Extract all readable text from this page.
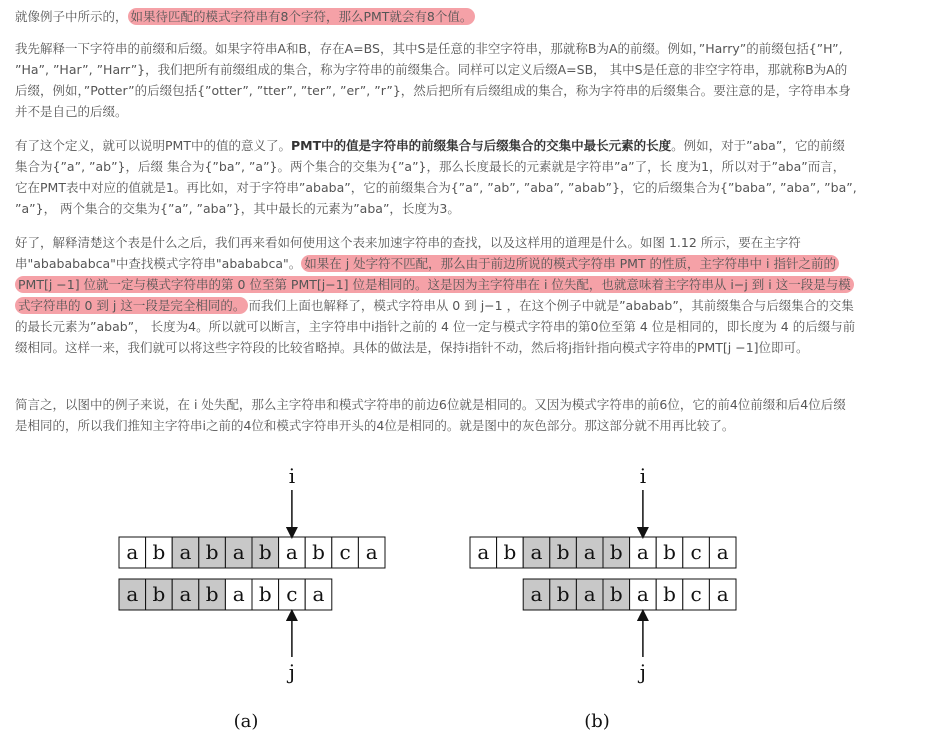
就像例子中所示的， 如果待匹配的模式字符串有8个字符，那么PMT就会有8个值。

我先解释一下字符串的前缀和后缀。如果字符串A和B，存在A=BS，其中S是任意的非空字符串，那就称B为A的前缀。例如，”Harry”的前缀包括{”H”, ”Ha”, ”Har”, ”Harr”}，我们把所有前缀组成的集合，称为字符串的前缀集合。同样可以定义后缀A=SB， 其中S是任意的非空字符串，那就称B为A的后缀，例如，”Potter”的后缀包括{”otter”, ”tter”, ”ter”, ”er”, ”r”}，然后把所有后缀组成的集合，称为字符串的后缀集合。要注意的是，字符串本身并不是自己的后缀。

有了这个定义，就可以说明PMT中的值的意义了。PMT中的值是字符串的前缀集合与后缀集合的交集中最长元素的长度。例如，对于”aba”，它的前缀集合为{”a”, ”ab”}，后缀 集合为{”ba”, ”a”}。两个集合的交集为{”a”}，那么长度最长的元素就是字符串”a”了，长 度为1，所以对于”aba”而言，它在PMT表中对应的值就是1。再比如，对于字符串”ababa”，它的前缀集合为{”a”, ”ab”, ”aba”, ”abab”}，它的后缀集合为{”baba”, ”aba”, ”ba”, ”a”}， 两个集合的交集为{”a”, ”aba”}，其中最长的元素为”aba”，长度为3。

好了，解释清楚这个表是什么之后，我们再来看如何使用这个表来加速字符串的查找，以及这样用的道理是什么。如图 1.12 所示，要在主字符串"ababababca"中查找模式字符串"abababca"。 如果在 j 处字符不匹配，那么由于前边所说的模式字符串 PMT 的性质，主字符串中 i 指针之前的 PMT[j −1] 位就一定与模式字符串的第 0 位至第 PMT[j−1] 位是相同的。这是因为主字符串在 i 位失配，也就意味着主字符串从 i−j 到 i 这一段是与模式字符串的 0 到 j 这一段是完全相同的。 而我们上面也解释了，模式字符串从 0 到 j−1 ，在这个例子中就是”ababab”，其前缀集合与后缀集合的交集的最长元素为”abab”， 长度为4。所以就可以断言，主字符串中i指针之前的 4 位一定与模式字符串的第0位至第 4 位是相同的，即长度为 4 的后缀与前缀相同。这样一来，我们就可以将这些字符段的比较省略掉。具体的做法是，保持i指针不动，然后将j指针指向模式字符串的PMT[j −1]位即可。

简言之，以图中的例子来说，在 i 处失配，那么主字符串和模式字符串的前边6位就是相同的。又因为模式字符串的前6位，它的前4位前缀和后4位后缀是相同的，所以我们推知主字符串i之前的4位和模式字符串开头的4位是相同的。就是图中的灰色部分。那这部分就不用再比较了。

a b a b a b a b c a
a b a b a b c a
i
j
(a)
a b a b a b a b c a
a b a b a b c a
i
j
(b)
